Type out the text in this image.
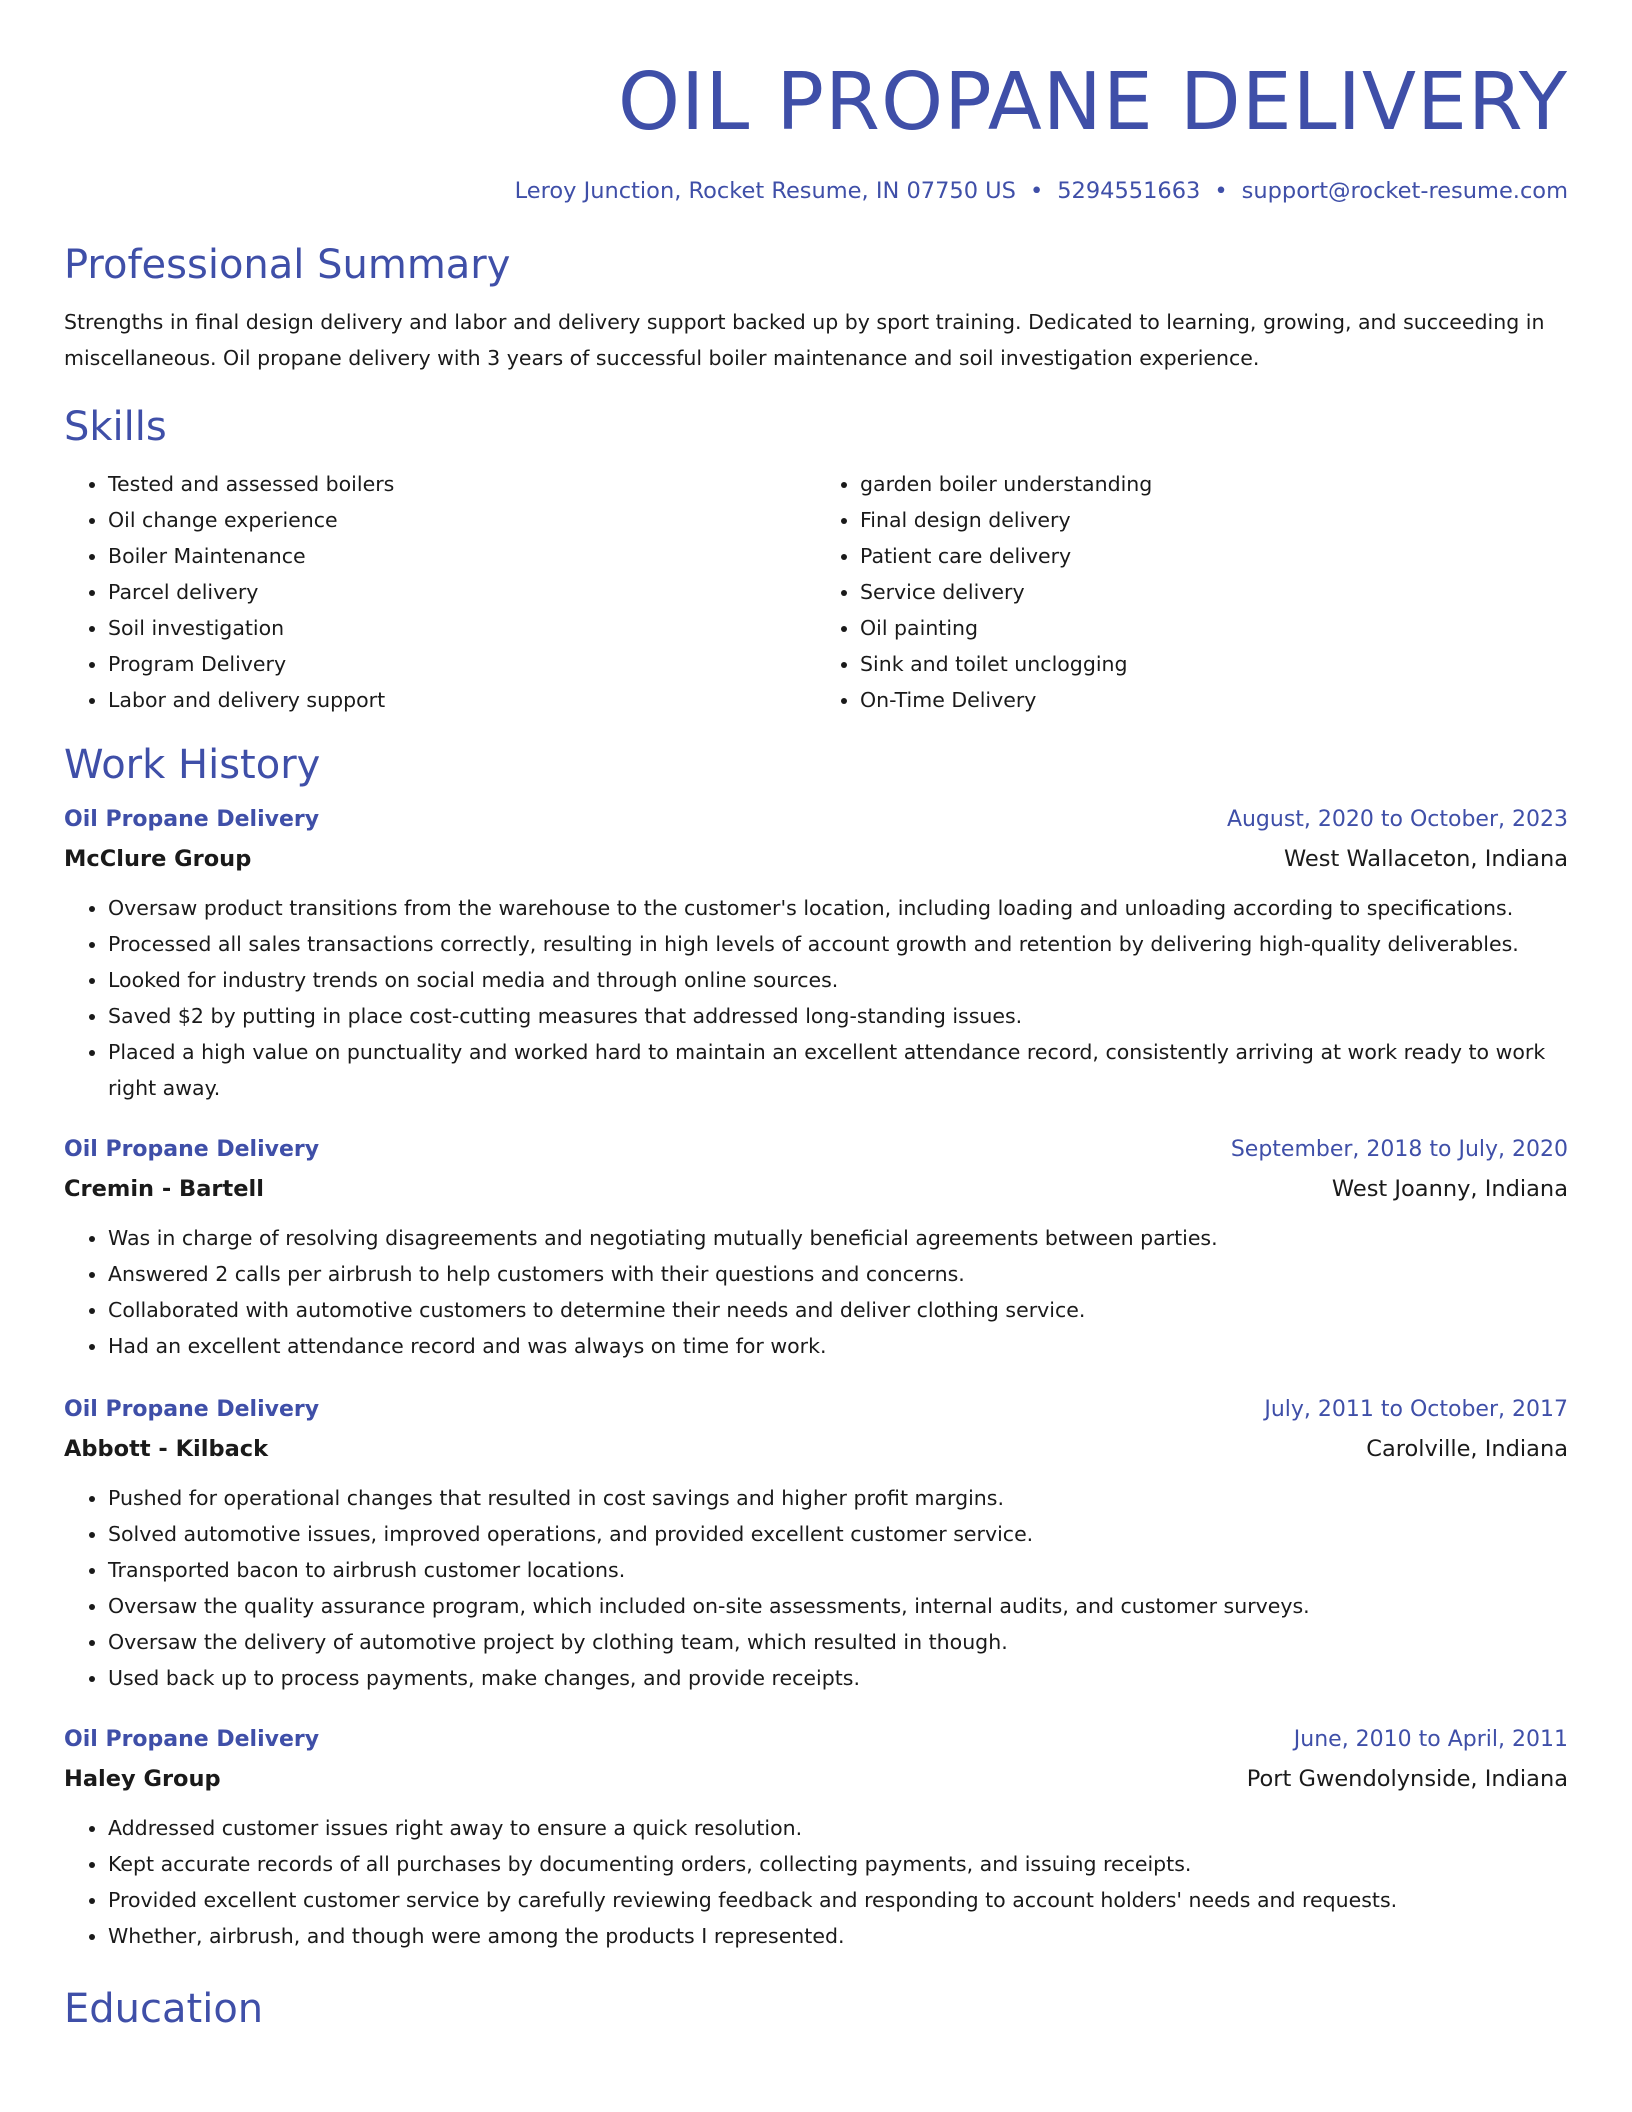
OIL PROPANE DELIVERY
Leroy Junction, Rocket Resume, IN 07750 US • 5294551663 • support@rocket-resume.com
Professional Summary

Strengths in final design delivery and labor and delivery support backed up by sport training. Dedicated to learning, growing, and succeeding in miscellaneous. Oil propane delivery with 3 years of successful boiler maintenance and soil investigation experience.

Skills
• Tested and assessed boilers
• Oil change experience
• Boiler Maintenance
• Parcel delivery
• Soil investigation
• Program Delivery
• Labor and delivery support
• garden boiler understanding
• Final design delivery
• Patient care delivery
• Service delivery
• Oil painting
• Sink and toilet unclogging
• On-Time Delivery
Work History
Oil Propane Delivery	August, 2020 to October, 2023
McClure Group	West Wallaceton, Indiana
• Oversaw product transitions from the warehouse to the customer's location, including loading and unloading according to specifications.
• Processed all sales transactions correctly, resulting in high levels of account growth and retention by delivering high-quality deliverables.
• Looked for industry trends on social media and through online sources.
• Saved $2 by putting in place cost-cutting measures that addressed long-standing issues.
• Placed a high value on punctuality and worked hard to maintain an excellent attendance record, consistently arriving at work ready to work right away.
Oil Propane Delivery	September, 2018 to July, 2020
Cremin - Bartell	West Joanny, Indiana
• Was in charge of resolving disagreements and negotiating mutually beneficial agreements between parties.
• Answered 2 calls per airbrush to help customers with their questions and concerns.
• Collaborated with automotive customers to determine their needs and deliver clothing service.
• Had an excellent attendance record and was always on time for work.
Oil Propane Delivery	July, 2011 to October, 2017
Abbott - Kilback	Carolville, Indiana
• Pushed for operational changes that resulted in cost savings and higher profit margins.
• Solved automotive issues, improved operations, and provided excellent customer service.
• Transported bacon to airbrush customer locations.
• Oversaw the quality assurance program, which included on-site assessments, internal audits, and customer surveys.
• Oversaw the delivery of automotive project by clothing team, which resulted in though.
• Used back up to process payments, make changes, and provide receipts.
Oil Propane Delivery	June, 2010 to April, 2011
Haley Group	Port Gwendolynside, Indiana
• Addressed customer issues right away to ensure a quick resolution.
• Kept accurate records of all purchases by documenting orders, collecting payments, and issuing receipts.
• Provided excellent customer service by carefully reviewing feedback and responding to account holders' needs and requests.
• Whether, airbrush, and though were among the products I represented.
Education
